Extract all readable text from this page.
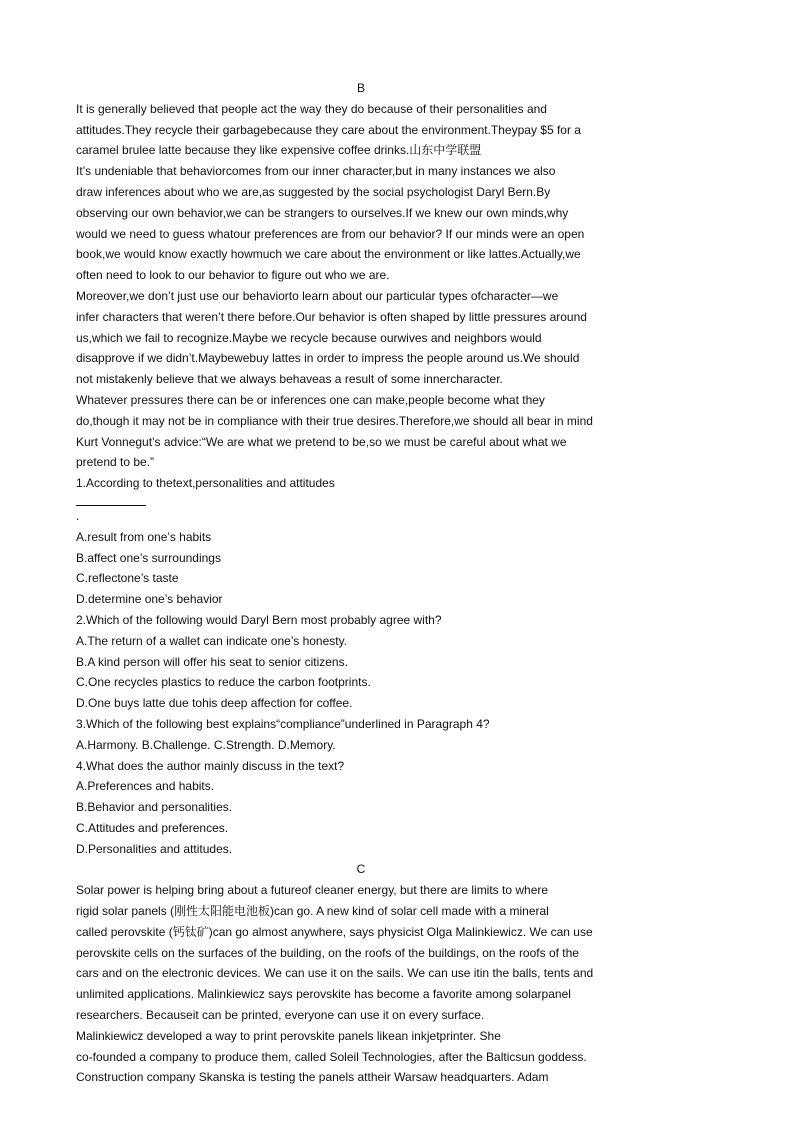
B

It is generally believed that people act the way they do because of their personalities and
attitudes.They recycle their garbagebecause they care about the environment.Theypay $5 for a
caramel brulee latte because they like expensive coffee drinks.山东中学联盟

It’s undeniable that behaviorcomes from our inner character,but in many instances we also
draw inferences about who we are,as suggested by the social psychologist Daryl Bern.By
observing our own behavior,we can be strangers to ourselves.If we knew our own minds,why
would we need to guess whatour preferences are from our behavior? If our minds were an open
book,we would know exactly howmuch we care about the environment or like lattes.Actually,we
often need to look to our behavior to figure out who we are.

Moreover,we don’t just use our behaviorto learn about our particular types ofcharacter—we
infer characters that weren’t there before.Our behavior is often shaped by little pressures around
us,which we fail to recognize.Maybe we recycle because ourwives and neighbors would
disapprove if we didn’t.Maybewebuy lattes in order to impress the people around us.We should
not mistakenly believe that we always behaveas a result of some innercharacter.

Whatever pressures there can be or inferences one can make,people become what they
do,though it may not be in compliance with their true desires.Therefore,we should all bear in mind
Kurt Vonnegut’s advice:“We are what we pretend to be,so we must be careful about what we
pretend to be.”

1.According to thetext,personalities and attitudes
.
A.result from one’s habits
B.affect one’s surroundings
C.reflectone’s taste
D.determine one’s behavior
2.Which of the following would Daryl Bern most probably agree with?
A.The return of a wallet can indicate one’s honesty.
B.A kind person will offer his seat to senior citizens.
C.One recycles plastics to reduce the carbon footprints.
D.One buys latte due tohis deep affection for coffee.
3.Which of the following best explains“compliance”underlined in Paragraph 4?
A.Harmony. B.Challenge. C.Strength. D.Memory.
4.What does the author mainly discuss in the text?
A.Preferences and habits.
B.Behavior and personalities.
C.Attitudes and preferences.
D.Personalities and attitudes.
C

Solar power is helping bring about a futureof cleaner energy, but there are limits to where
rigid solar panels (刚性太阳能电池板)can go. A new kind of solar cell made with a mineral
called perovskite (钙钛矿)can go almost anywhere, says physicist Olga Malinkiewicz. We can use
perovskite cells on the surfaces of the building, on the roofs of the buildings, on the roofs of the
cars and on the electronic devices. We can use it on the sails. We can use itin the balls, tents and
unlimited applications. Malinkiewicz says perovskite has become a favorite among solarpanel
researchers. Becauseit can be printed, everyone can use it on every surface.

Malinkiewicz developed a way to print perovskite panels likean inkjetprinter. She
co-founded a company to produce them, called Soleil Technologies, after the Balticsun goddess.
Construction company Skanska is testing the panels attheir Warsaw headquarters. Adam
